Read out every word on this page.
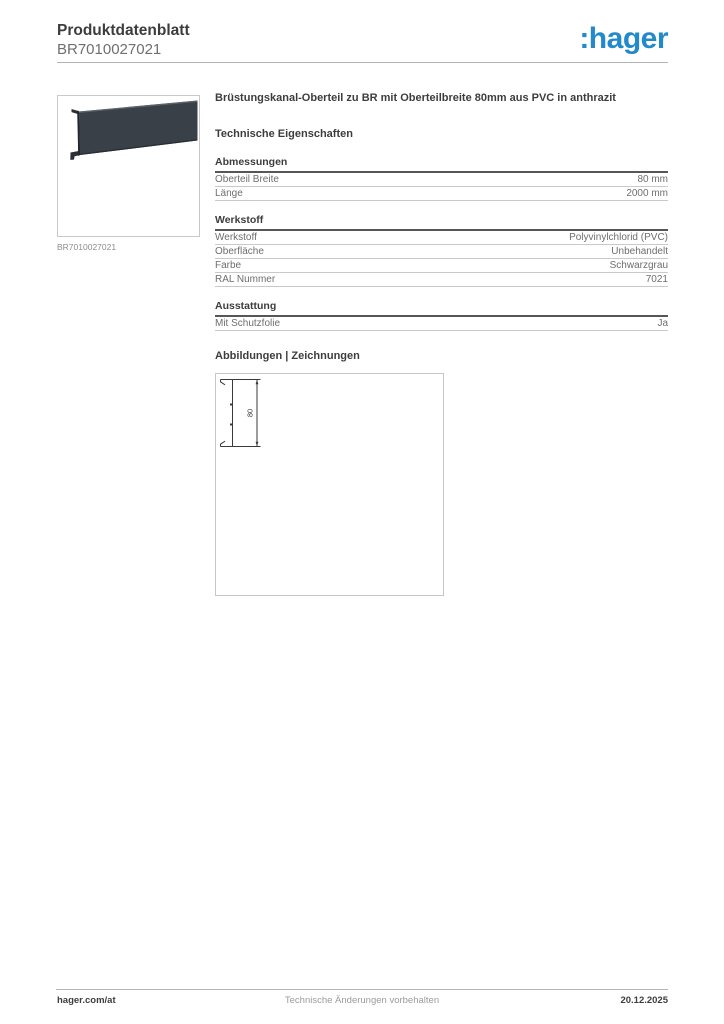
Produktdatenblatt
BR7010027021	:hager
BR7010027021
Brüstungskanal-Oberteil zu BR mit Oberteilbreite 80mm aus PVC in anthrazit
Technische Eigenschaften
Abmessungen
Oberteil Breite	80 mm
Länge	2000 mm
Werkstoff
Werkstoff	Polyvinylchlorid (PVC)
Oberfläche	Unbehandelt
Farbe	Schwarzgrau
RAL Nummer	7021
Ausstattung
Mit Schutzfolie	Ja
Abbildungen | Zeichnungen
80
hager.com/at	Technische Änderungen vorbehalten	20.12.2025
